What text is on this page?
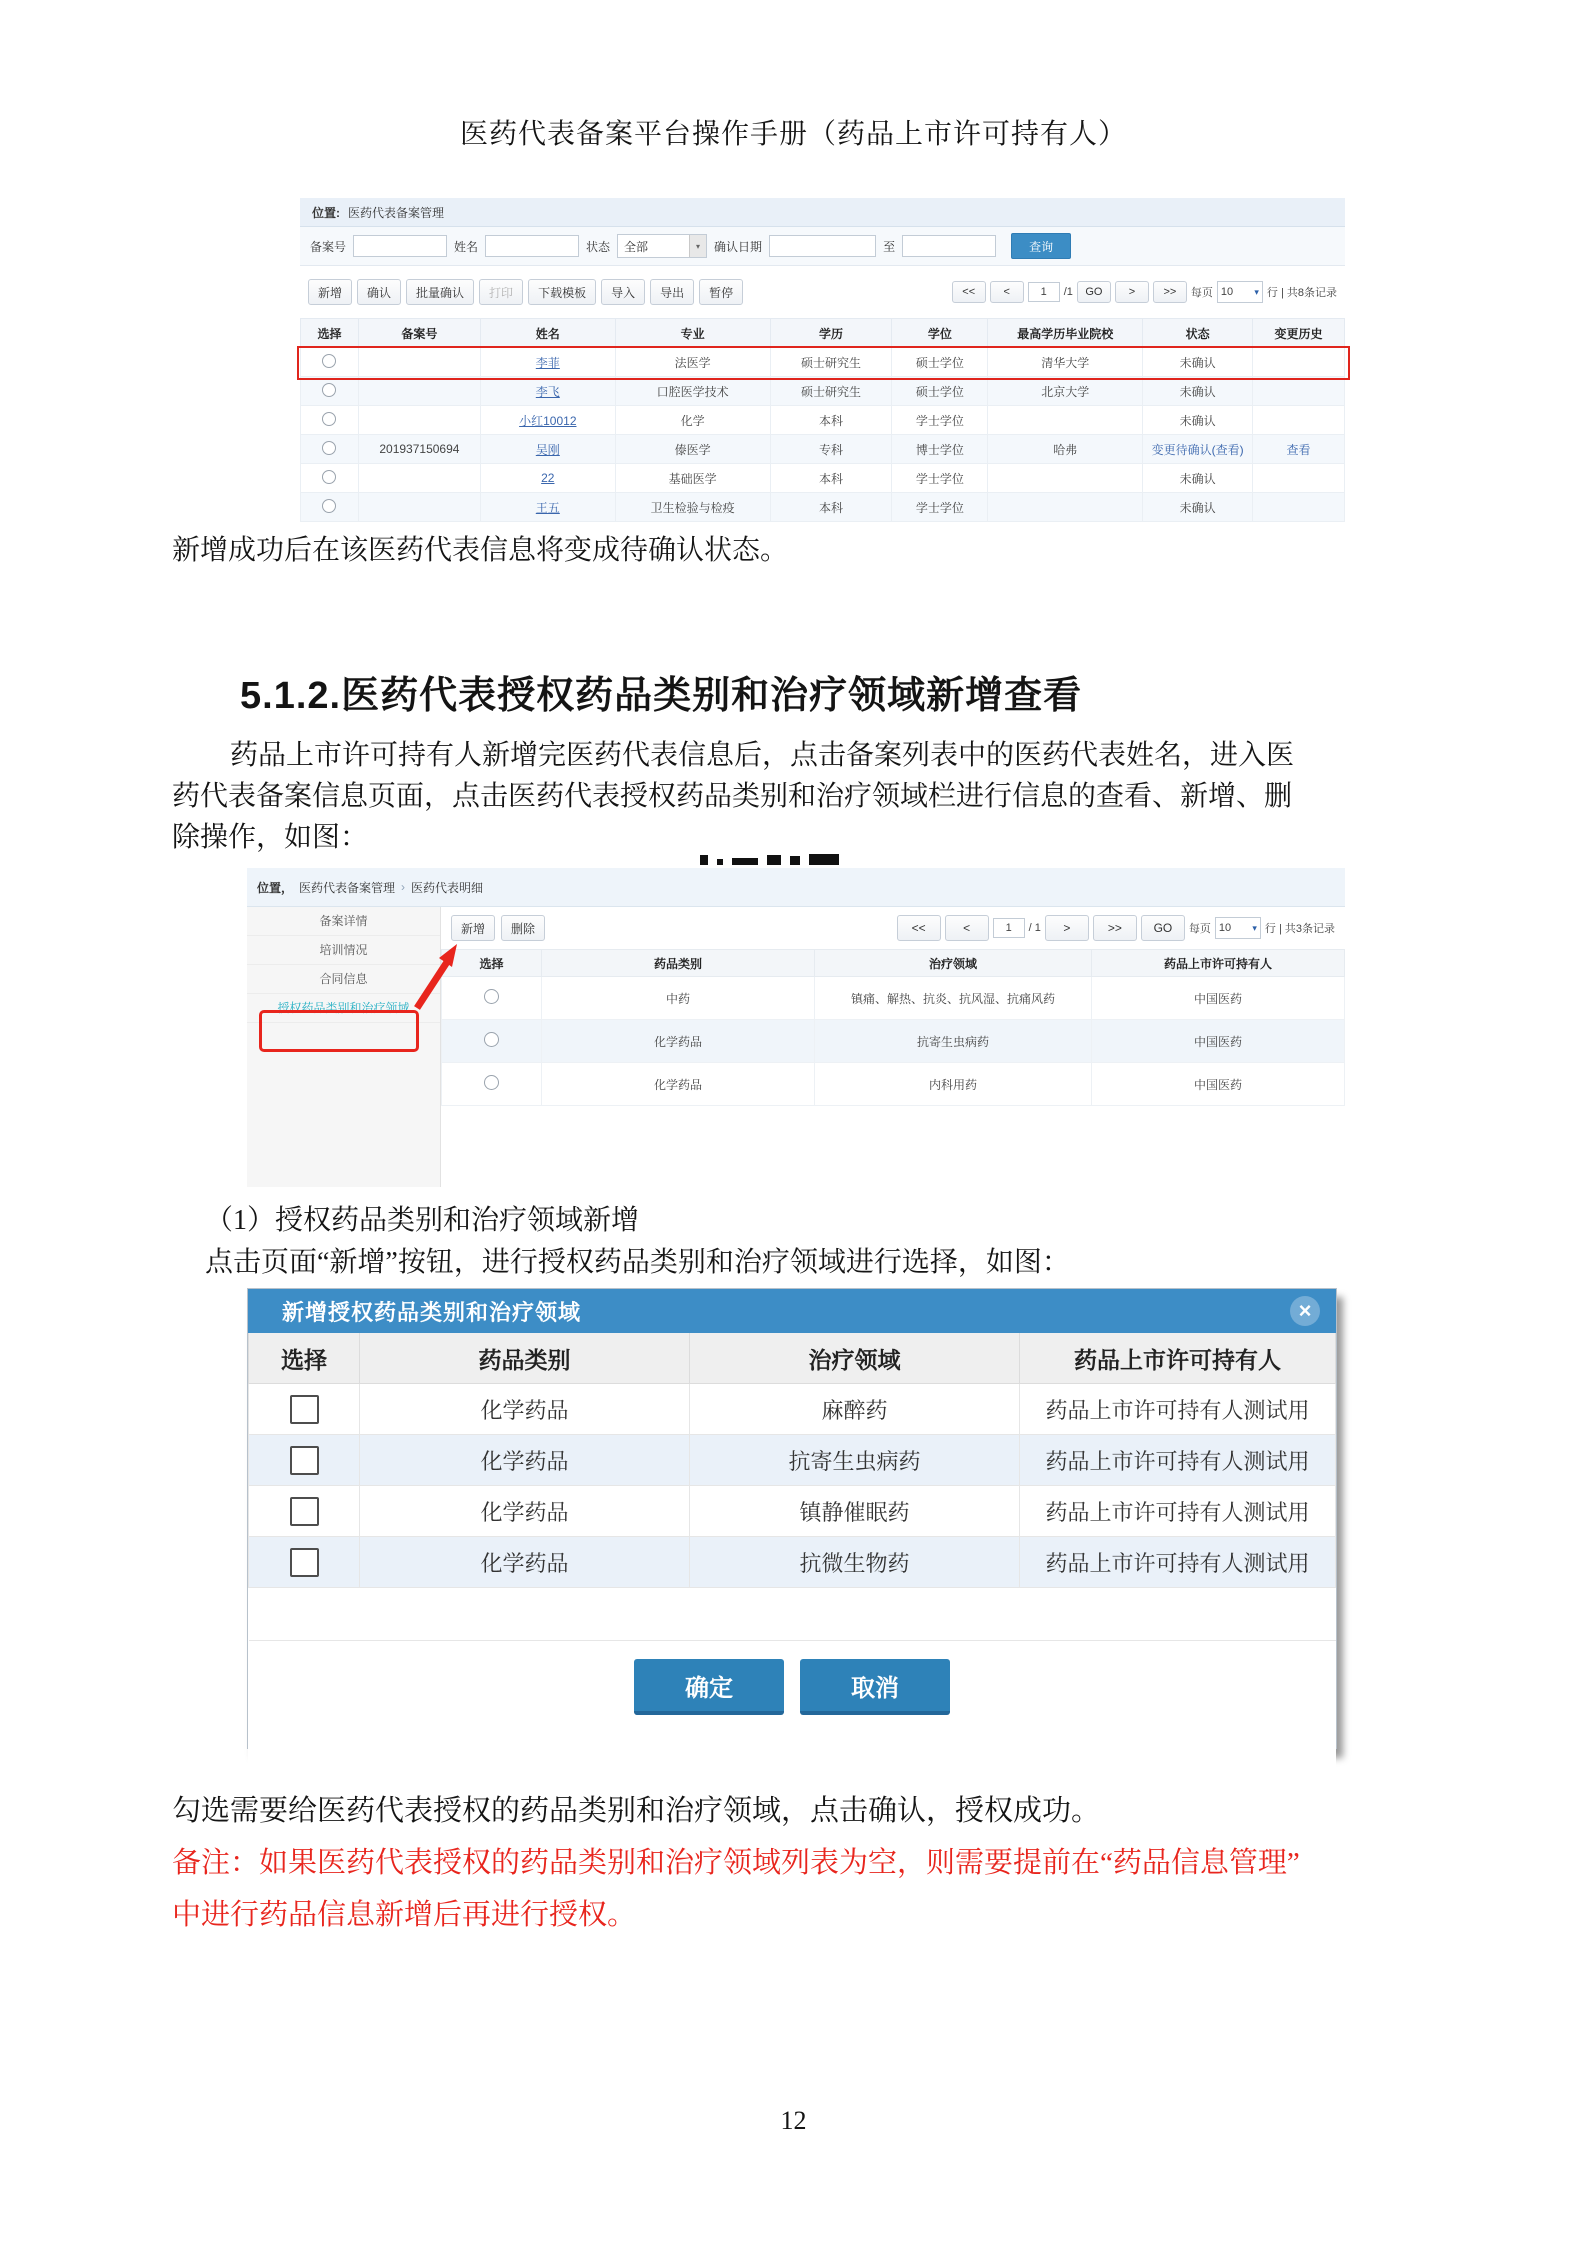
医药代表备案平台操作手册（药品上市许可持有人）
新增成功后在该医药代表信息将变成待确认状态。
5.1.2.医药代表授权药品类别和治疗领域新增查看
药品上市许可持有人新增完医药代表信息后，点击备案列表中的医药代表姓名，进入医
药代表备案信息页面，点击医药代表授权药品类别和治疗领域栏进行信息的查看、新增、删
除操作，如图：
（1）授权药品类别和治疗领域新增
点击页面“新增”按钮，进行授权药品类别和治疗领域进行选择，如图：
勾选需要给医药代表授权的药品类别和治疗领域，点击确认，授权成功。
备注：如果医药代表授权的药品类别和治疗领域列表为空，则需要提前在“药品信息管理”
中进行药品信息新增后再进行授权。
12
位置: 医药代表备案管理
备案号	姓名	状态	全部	▾	确认日期	至	查询
新增	确认	批量确认	打印	下载模板	导入	导出	暂停	<<	<	1	/1	GO	>	>>	每页 10 ▾ 行 | 共8条记录
选择	备案号	姓名	专业	学历	学位	最高学历毕业院校	状态	变更历史
		李菲	法医学	硕士研究生	硕士学位	清华大学	未确认	
		李飞	口腔医学技术	硕士研究生	硕士学位	北京大学	未确认	
		小红10012	化学	本科	学士学位		未确认	
	201937150694	吴刚	傣医学	专科	博士学位	哈弗	变更待确认(查看)	查看
		22	基础医学	本科	学士学位		未确认	
		王五	卫生检验与检疫	本科	学士学位		未确认	
位置， 医药代表备案管理 › 医药代表明细
备案详情
培训情况
合同信息
授权药品类别和治疗领域
新增	删除	<<	<	1	/ 1	>	>>	GO	每页 10 ▾ 行 | 共3条记录
选择	药品类别	治疗领域	药品上市许可持有人
	中药	镇痛、解热、抗炎、抗风湿、抗痛风药	中国医药
	化学药品	抗寄生虫病药	中国医药
	化学药品	内科用药	中国医药
新增授权药品类别和治疗领域	×
选择	药品类别	治疗领域	药品上市许可持有人
	化学药品	麻醉药	药品上市许可持有人测试用
	化学药品	抗寄生虫病药	药品上市许可持有人测试用
	化学药品	镇静催眠药	药品上市许可持有人测试用
	化学药品	抗微生物药	药品上市许可持有人测试用

确定	取消
